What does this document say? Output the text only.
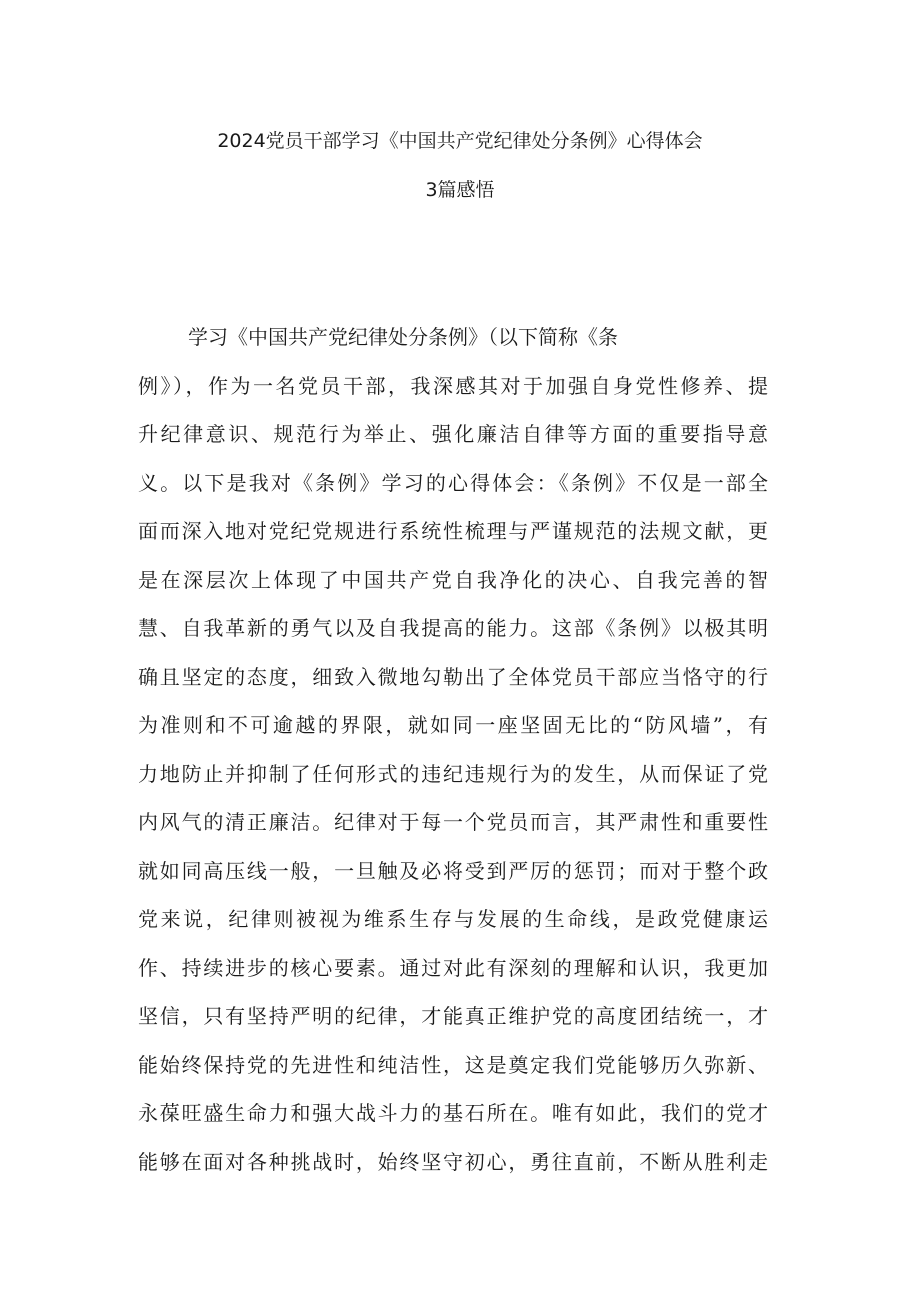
2024党员干部学习《中国共产党纪律处分条例》心得体会
3篇感悟
学习《中国共产党纪律处分条例》（以下简称《条
例》），作为一名党员干部，我深感其对于加强自身党性修养、提
升纪律意识、规范行为举止、强化廉洁自律等方面的重要指导意
义。以下是我对《条例》学习的心得体会：《条例》不仅是一部全
面而深入地对党纪党规进行系统性梳理与严谨规范的法规文献，更
是在深层次上体现了中国共产党自我净化的决心、自我完善的智
慧、自我革新的勇气以及自我提高的能力。这部《条例》以极其明
确且坚定的态度，细致入微地勾勒出了全体党员干部应当恪守的行
为准则和不可逾越的界限，就如同一座坚固无比的“防风墙”，有
力地防止并抑制了任何形式的违纪违规行为的发生，从而保证了党
内风气的清正廉洁。纪律对于每一个党员而言，其严肃性和重要性
就如同高压线一般，一旦触及必将受到严厉的惩罚；而对于整个政
党来说，纪律则被视为维系生存与发展的生命线，是政党健康运
作、持续进步的核心要素。通过对此有深刻的理解和认识，我更加
坚信，只有坚持严明的纪律，才能真正维护党的高度团结统一，才
能始终保持党的先进性和纯洁性，这是奠定我们党能够历久弥新、
永葆旺盛生命力和强大战斗力的基石所在。唯有如此，我们的党才
能够在面对各种挑战时，始终坚守初心，勇往直前，不断从胜利走
